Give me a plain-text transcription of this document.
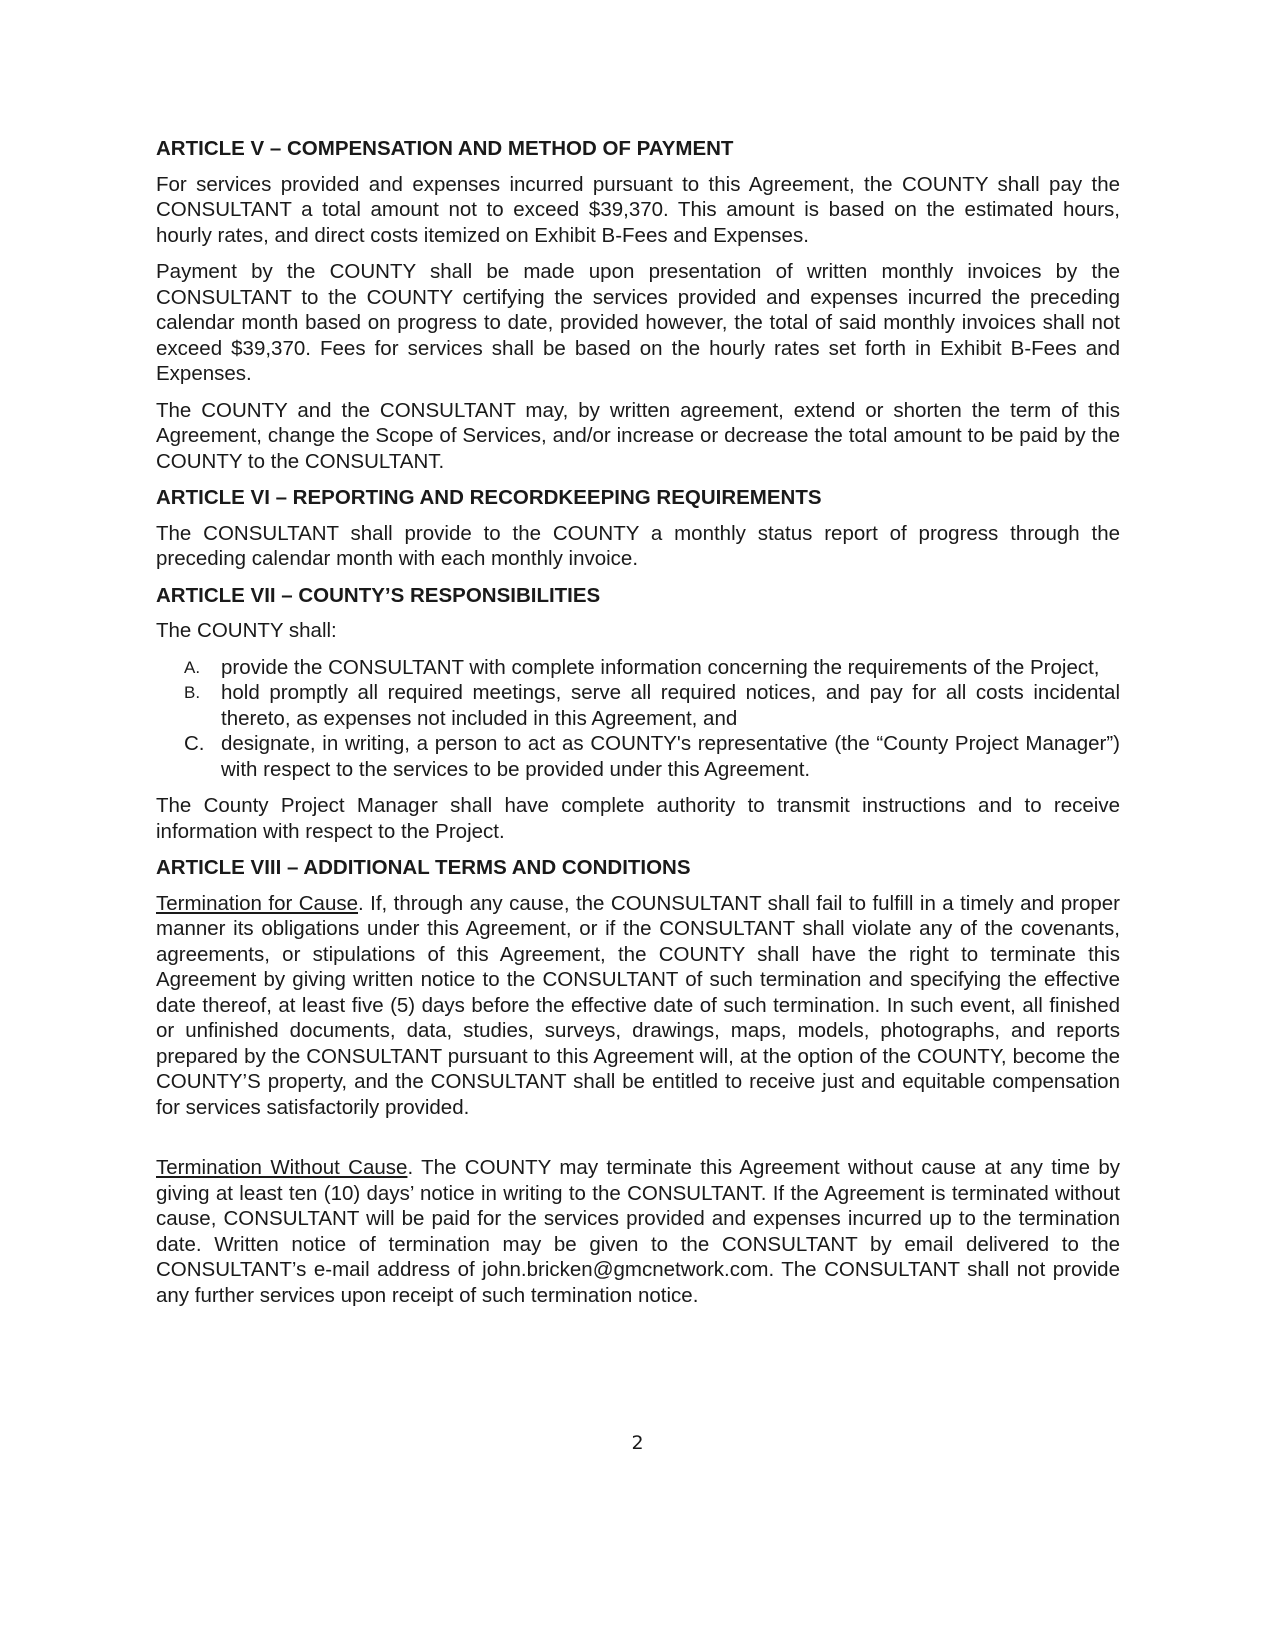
ARTICLE V – COMPENSATION AND METHOD OF PAYMENT

For services provided and expenses incurred pursuant to this Agreement, the COUNTY shall pay the CONSULTANT a total amount not to exceed $39,370. This amount is based on the estimated hours, hourly rates, and direct costs itemized on Exhibit B-Fees and Expenses.

Payment by the COUNTY shall be made upon presentation of written monthly invoices by the CONSULTANT to the COUNTY certifying the services provided and expenses incurred the preceding calendar month based on progress to date, provided however, the total of said monthly invoices shall not exceed $39,370. Fees for services shall be based on the hourly rates set forth in Exhibit B-Fees and Expenses.

The COUNTY and the CONSULTANT may, by written agreement, extend or shorten the term of this Agreement, change the Scope of Services, and/or increase or decrease the total amount to be paid by the COUNTY to the CONSULTANT.

ARTICLE VI – REPORTING AND RECORDKEEPING REQUIREMENTS

The CONSULTANT shall provide to the COUNTY a monthly status report of progress through the preceding calendar month with each monthly invoice.

ARTICLE VII – COUNTY’S RESPONSIBILITIES

The COUNTY shall:

A. provide the CONSULTANT with complete information concerning the requirements of the Project,
B. hold promptly all required meetings, serve all required notices, and pay for all costs incidental thereto, as expenses not included in this Agreement, and
C. designate, in writing, a person to act as COUNTY's representative (the “County Project Manager”) with respect to the services to be provided under this Agreement.

The County Project Manager shall have complete authority to transmit instructions and to receive information with respect to the Project.

ARTICLE VIII – ADDITIONAL TERMS AND CONDITIONS

Termination for Cause. If, through any cause, the COUNSULTANT shall fail to fulfill in a timely and proper manner its obligations under this Agreement, or if the CONSULTANT shall violate any of the covenants, agreements, or stipulations of this Agreement, the COUNTY shall have the right to terminate this Agreement by giving written notice to the CONSULTANT of such termination and specifying the effective date thereof, at least five (5) days before the effective date of such termination. In such event, all finished or unfinished documents, data, studies, surveys, drawings, maps, models, photographs, and reports prepared by the CONSULTANT pursuant to this Agreement will, at the option of the COUNTY, become the COUNTY’S property, and the CONSULTANT shall be entitled to receive just and equitable compensation for services satisfactorily provided.

Termination Without Cause. The COUNTY may terminate this Agreement without cause at any time by giving at least ten (10) days’ notice in writing to the CONSULTANT. If the Agreement is terminated without cause, CONSULTANT will be paid for the services provided and expenses incurred up to the termination date. Written notice of termination may be given to the CONSULTANT by email delivered to the CONSULTANT’s e-mail address of john.bricken@gmcnetwork.com. The CONSULTANT shall not provide any further services upon receipt of such termination notice.

2
